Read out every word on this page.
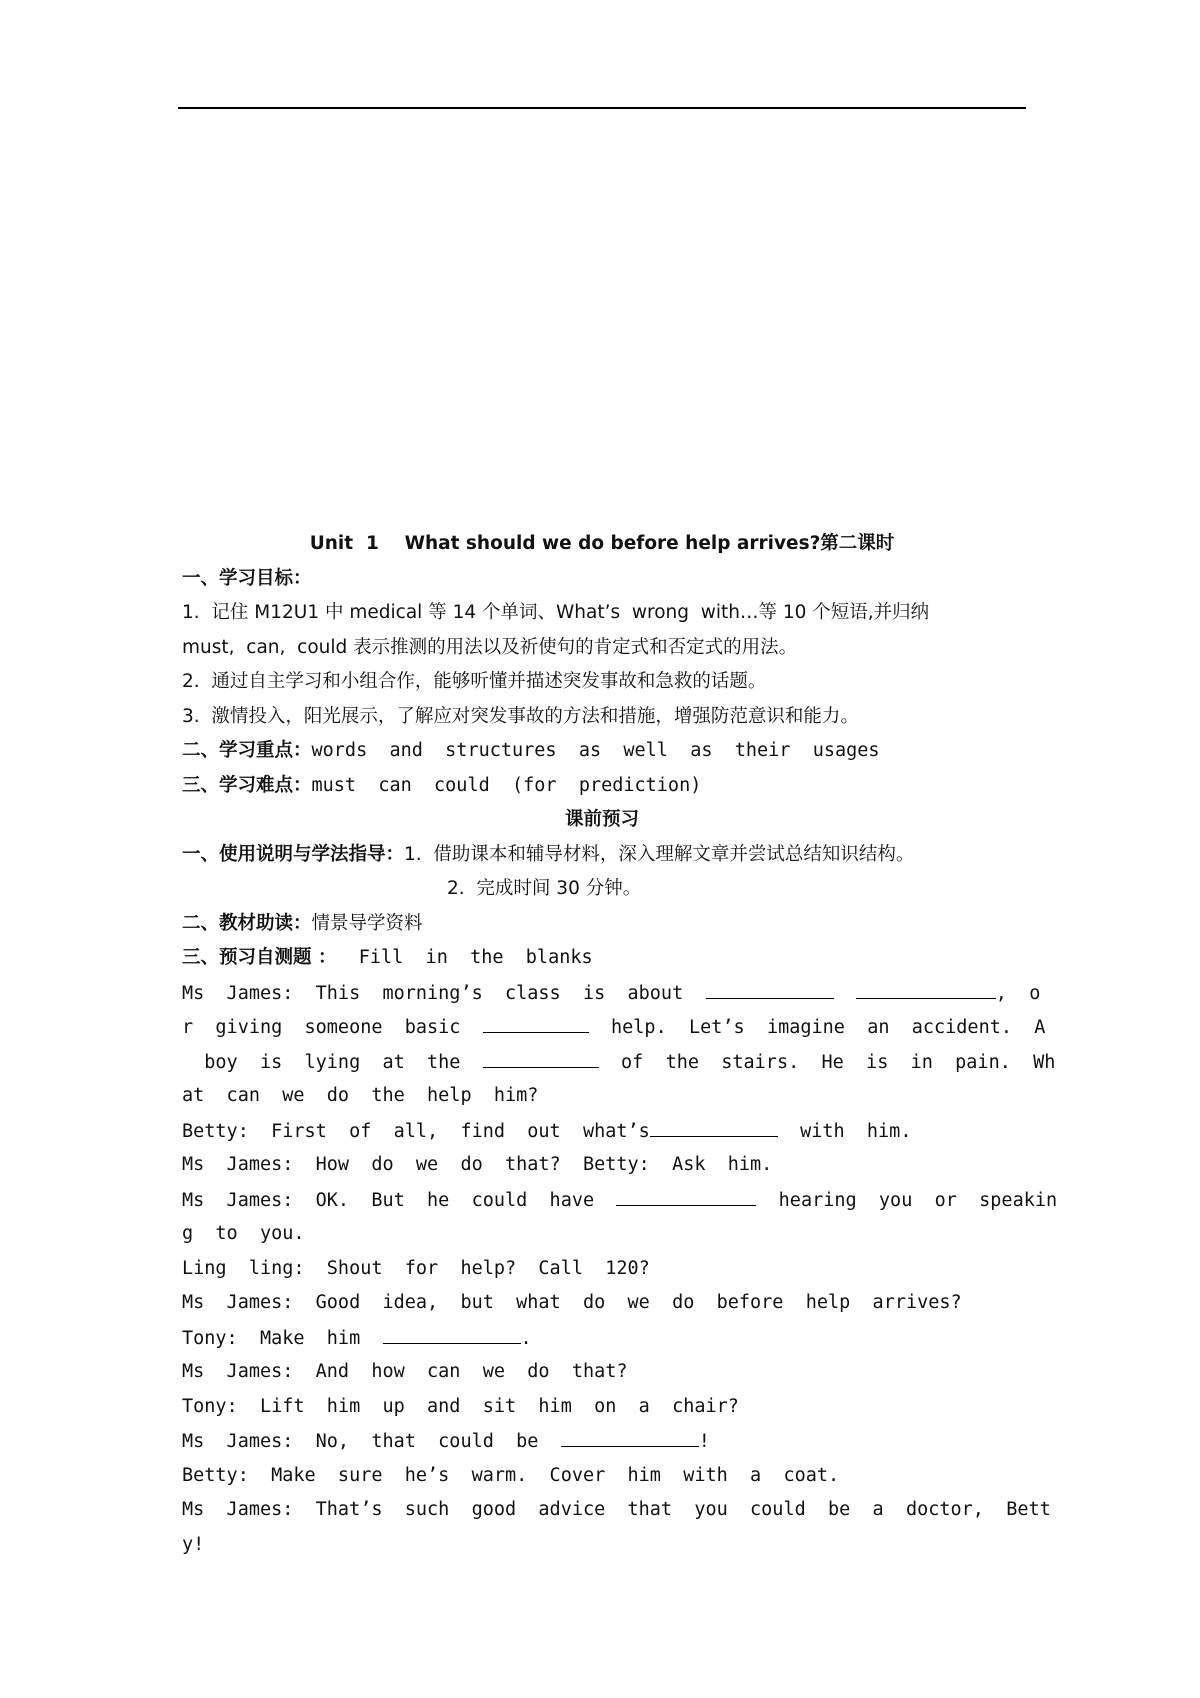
Unit  1    What should we do before help arrives?第二课时
一、学习目标：
1.  记住 M12U1 中 medical 等 14 个单词、What’s  wrong  with…等 10 个短语,并归纳
must,  can,  could 表示推测的用法以及祈使句的肯定式和否定式的用法。
2.  通过自主学习和小组合作，能够听懂并描述突发事故和急救的话题。
3.  激情投入，阳光展示，了解应对突发事故的方法和措施，增强防范意识和能力。
二、学习重点：words  and  structures  as  well  as  their  usages
三、学习难点：must  can  could  (for  prediction)
课前预习
一、使用说明与学法指导：1.  借助课本和辅导材料，深入理解文章并尝试总结知识结构。
2.  完成时间 30 分钟。
二、教材助读：情景导学资料
三、预习自测题 ：  Fill  in  the  blanks
Ms  James:  This  morning’s  class  is  about	,  o
r  giving  someone  basic	help.  Let’s  imagine  an  accident.  A
boy  is  lying  at  the	of  the  stairs.  He  is  in  pain.  Wh
at  can  we  do  the  help  him?
Betty:  First  of  all,  find  out  what’s	with  him.
Ms  James:  How  do  we  do  that?  Betty:  Ask  him.
Ms  James:  OK.  But  he  could  have	hearing  you  or  speakin
g  to  you.
Ling  ling:  Shout  for  help?  Call  120?
Ms  James:  Good  idea,  but  what  do  we  do  before  help  arrives?
Tony:  Make  him	.
Ms  James:  And  how  can  we  do  that?
Tony:  Lift  him  up  and  sit  him  on  a  chair?
Ms  James:  No,  that  could  be	!
Betty:  Make  sure  he’s  warm.  Cover  him  with  a  coat.
Ms  James:  That’s  such  good  advice  that  you  could  be  a  doctor,  Bett
y!
